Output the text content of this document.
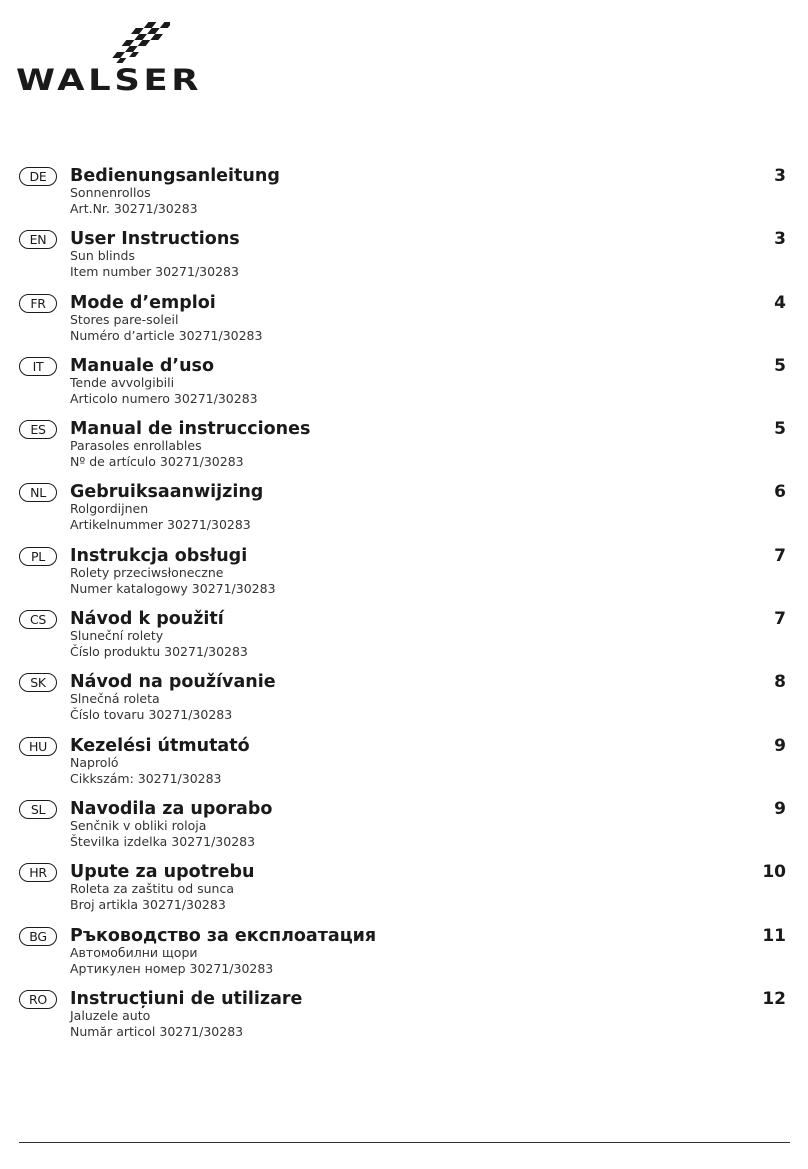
WALSER
DE	Bedienungsanleitung
Sonnenrollos
Art.Nr. 30271/30283
3
EN	User Instructions
Sun blinds
Item number 30271/30283
3
FR	Mode d’emploi
Stores pare-soleil
Numéro d’article 30271/30283
4
IT	Manuale d’uso
Tende avvolgibili
Articolo numero 30271/30283
5
ES	Manual de instrucciones
Parasoles enrollables
Nº de artículo 30271/30283
5
NL	Gebruiksaanwijzing
Rolgordijnen
Artikelnummer 30271/30283
6
PL	Instrukcja obsługi
Rolety przeciwsłoneczne
Numer katalogowy 30271/30283
7
CS	Návod k použití
Sluneční rolety
Číslo produktu 30271/30283
7
SK	Návod na používanie
Slnečná roleta
Číslo tovaru 30271/30283
8
HU	Kezelési útmutató
Naproló
Cikkszám: 30271/30283
9
SL	Navodila za uporabo
Senčnik v obliki roloja
Številka izdelka 30271/30283
9
HR	Upute za upotrebu
Roleta za zaštitu od sunca
Broj artikla 30271/30283
10
BG	Ръководство за експлоатация
Автомобилни щори
Артикулен номер 30271/30283
11
RO	Instrucțiuni de utilizare
Jaluzele auto
Număr articol 30271/30283
12
